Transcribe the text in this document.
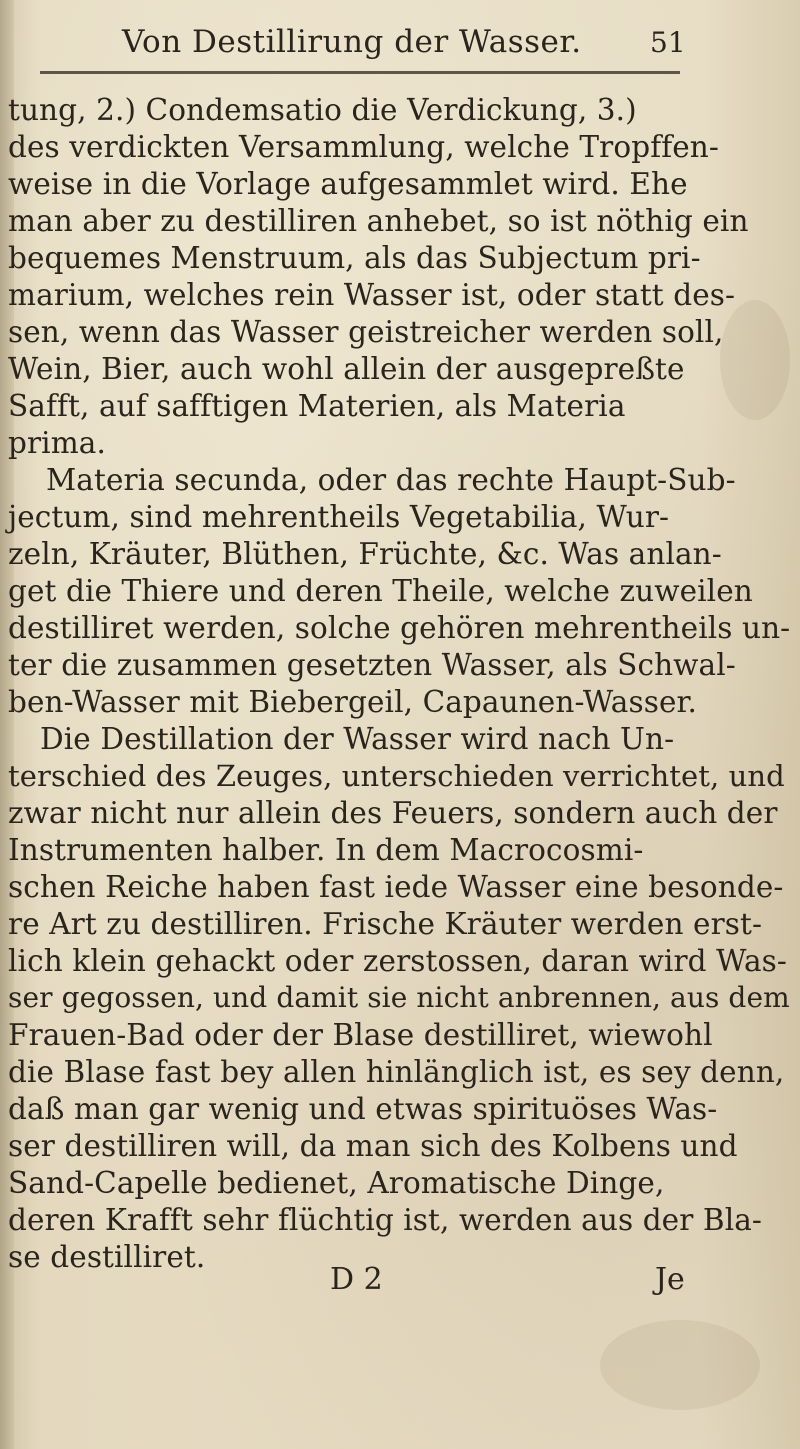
Von Destillirung der Wasser. 51
tung, 2.) Condemsatio die Verdickung, 3.)
des verdickten Versammlung, welche Tropffen-
weise in die Vorlage aufgesammlet wird. Ehe
man aber zu destilliren anhebet, so ist nöthig ein
bequemes Menstruum, als das Subjectum pri-
marium, welches rein Wasser ist, oder statt des-
sen, wenn das Wasser geistreicher werden soll,
Wein, Bier, auch wohl allein der ausgepreßte
Safft, auf safftigen Materien, als Materia
prima.
Materia secunda, oder das rechte Haupt-Sub-
jectum, sind mehrentheils Vegetabilia, Wur-
zeln, Kräuter, Blüthen, Früchte, &c. Was anlan-
get die Thiere und deren Theile, welche zuweilen
destilliret werden, solche gehören mehrentheils un-
ter die zusammen gesetzten Wasser, als Schwal-
ben-Wasser mit Biebergeil, Capaunen-Wasser.
Die Destillation der Wasser wird nach Un-
terschied des Zeuges, unterschieden verrichtet, und
zwar nicht nur allein des Feuers, sondern auch der
Instrumenten halber. In dem Macrocosmi-
schen Reiche haben fast iede Wasser eine besonde-
re Art zu destilliren. Frische Kräuter werden erst-
lich klein gehackt oder zerstossen, daran wird Was-
ser gegossen, und damit sie nicht anbrennen, aus dem
Frauen-Bad oder der Blase destilliret, wiewohl
die Blase fast bey allen hinlänglich ist, es sey denn,
daß man gar wenig und etwas spirituöses Was-
ser destilliren will, da man sich des Kolbens und
Sand-Capelle bedienet, Aromatische Dinge,
deren Krafft sehr flüchtig ist, werden aus der Bla-
se destilliret.
D 2	Je
